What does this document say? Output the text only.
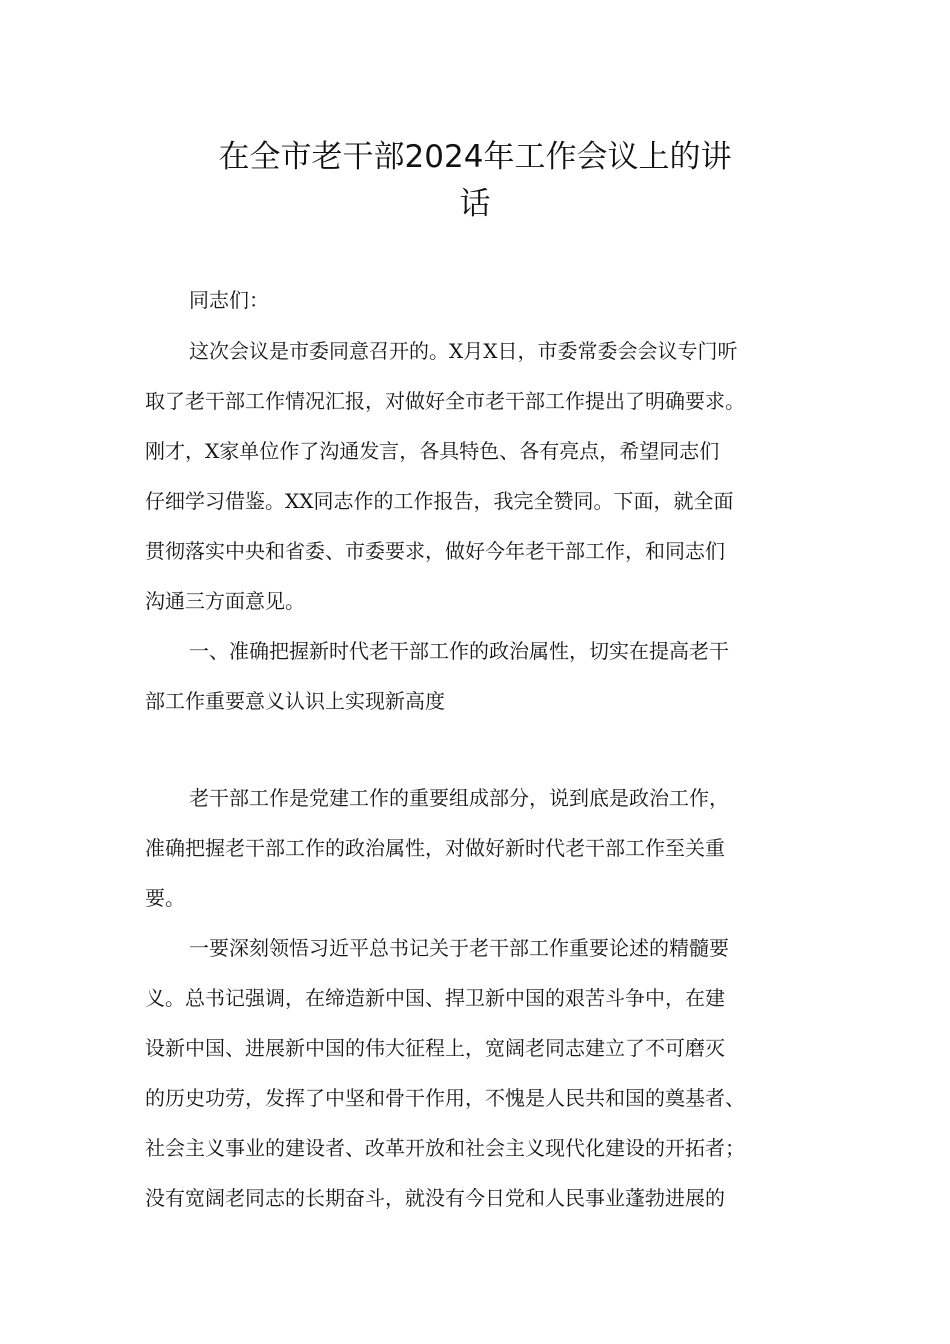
在全市老干部2024年工作会议上的讲
话
同志们：
这次会议是市委同意召开的。X月X日，市委常委会会议专门听
取了老干部工作情况汇报，对做好全市老干部工作提出了明确要求。
刚才，X家单位作了沟通发言，各具特色、各有亮点，希望同志们
仔细学习借鉴。XX同志作的工作报告，我完全赞同。下面，就全面
贯彻落实中央和省委、市委要求，做好今年老干部工作，和同志们
沟通三方面意见。
一、准确把握新时代老干部工作的政治属性，切实在提高老干
部工作重要意义认识上实现新高度
老干部工作是党建工作的重要组成部分，说到底是政治工作，
准确把握老干部工作的政治属性，对做好新时代老干部工作至关重
要。
一要深刻领悟习近平总书记关于老干部工作重要论述的精髓要
义。总书记强调，在缔造新中国、捍卫新中国的艰苦斗争中，在建
设新中国、进展新中国的伟大征程上，宽阔老同志建立了不可磨灭
的历史功劳，发挥了中坚和骨干作用，不愧是人民共和国的奠基者、
社会主义事业的建设者、改革开放和社会主义现代化建设的开拓者；
没有宽阔老同志的长期奋斗，就没有今日党和人民事业蓬勃进展的
